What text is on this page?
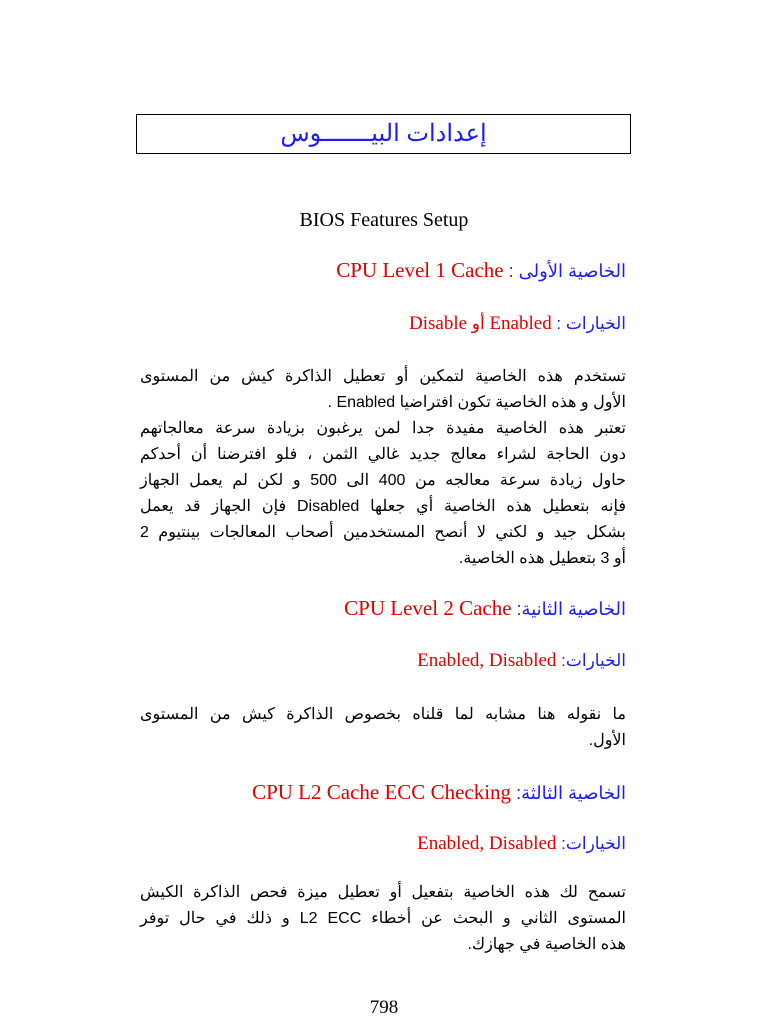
إعدادات البيـــــــوس
BIOS Features Setup
الخاصية الأولى : CPU Level 1 Cache
الخيارات : Enabled أو Disable
تستخدم هذه الخاصية لتمكين أو تعطيل الذاكرة كيش من المستوى
الأول و هذه الخاصية تكون افتراضيا Enabled .
تعتبر هذه الخاصية مفيدة جدا لمن يرغبون بزيادة سرعة معالجاتهم
دون الحاجة لشراء معالج جديد غالي الثمن ، فلو افترضنا أن أحدكم
حاول زيادة سرعة معالجه من 400 الى 500 و لكن لم يعمل الجهاز
فإنه بتعطيل هذه الخاصية أي جعلها Disabled فإن الجهاز قد يعمل
بشكل جيد و لكني لا أنصح المستخدمين أصحاب المعالجات بينتيوم 2
أو 3 بتعطيل هذه الخاصية.
الخاصية الثانية: CPU Level 2 Cache
الخيارات: Enabled, Disabled
ما نقوله هنا مشابه لما قلناه بخصوص الذاكرة كيش من المستوى
الأول.
الخاصية الثالثة: CPU L2 Cache ECC Checking
الخيارات: Enabled, Disabled
تسمح لك هذه الخاصية بتفعيل أو تعطيل ميزة فحص الذاكرة الكيش
المستوى الثاني و البحث عن أخطاء L2 ECC و ذلك في حال توفر
هذه الخاصية في جهازك.
798
